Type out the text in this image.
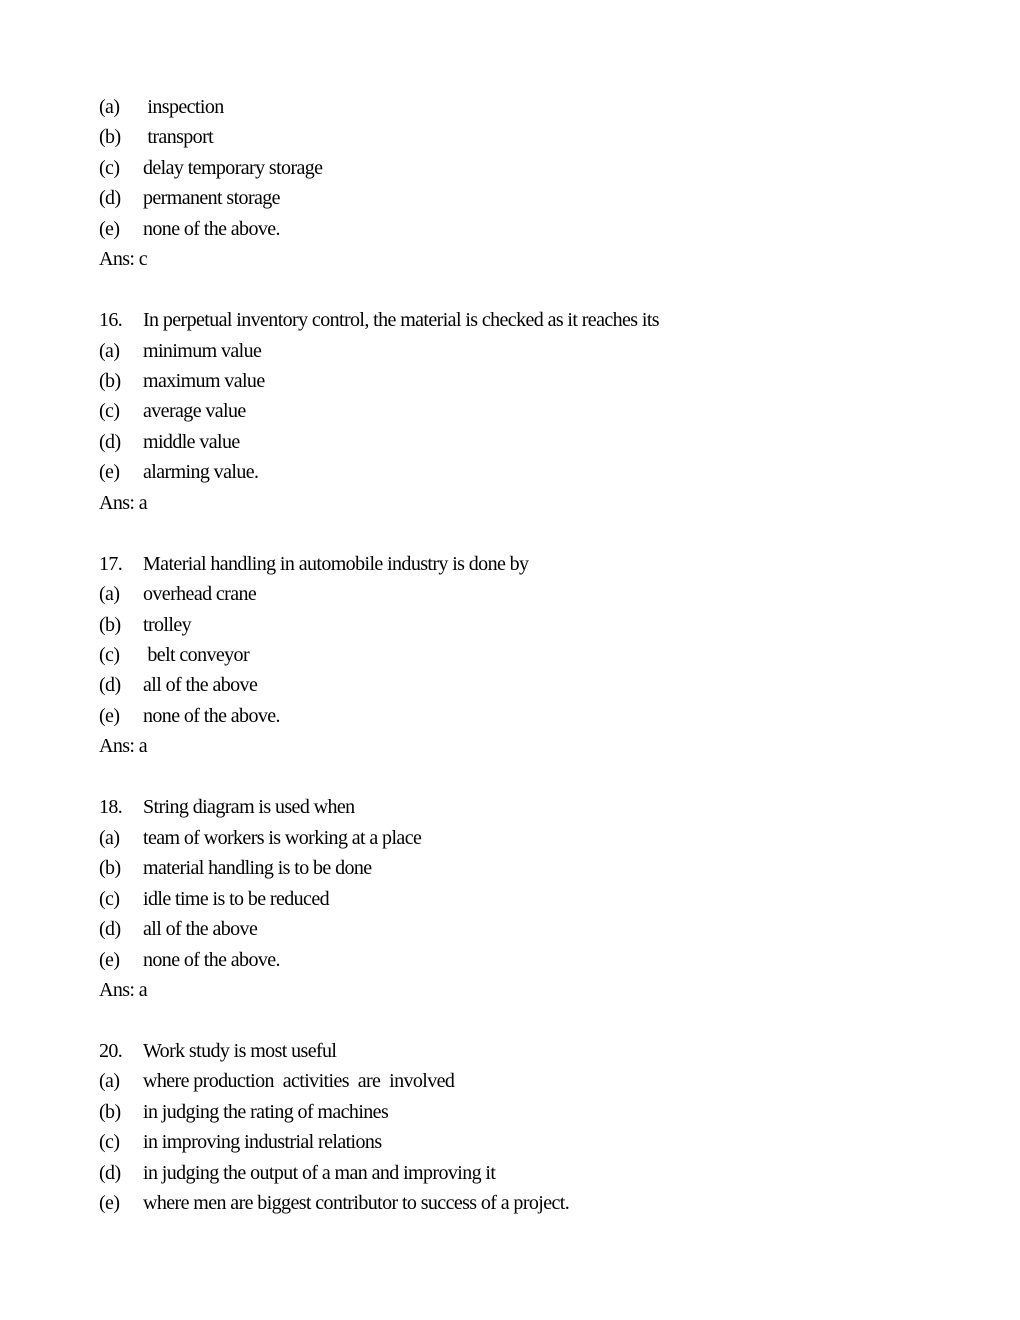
(a)	inspection
(b)	transport
(c)	delay temporary storage
(d)	permanent storage
(e)	none of the above.
Ans: c
16.	In perpetual inventory control, the material is checked as it reaches its
(a)	minimum value
(b)	maximum value
(c)	average value
(d)	middle value
(e)	alarming value.
Ans: a
17.	Material handling in automobile industry is done by
(a)	overhead crane
(b)	trolley
(c)	belt conveyor
(d)	all of the above
(e)	none of the above.
Ans: a
18.	String diagram is used when
(a)	team of workers is working at a place
(b)	material handling is to be done
(c)	idle time is to be reduced
(d)	all of the above
(e)	none of the above.
Ans: a
20.	Work study is most useful
(a)	where production  activities  are  involved
(b)	in judging the rating of machines
(c)	in improving industrial relations
(d)	in judging the output of a man and improving it
(e)	where men are biggest contributor to success of a project.
